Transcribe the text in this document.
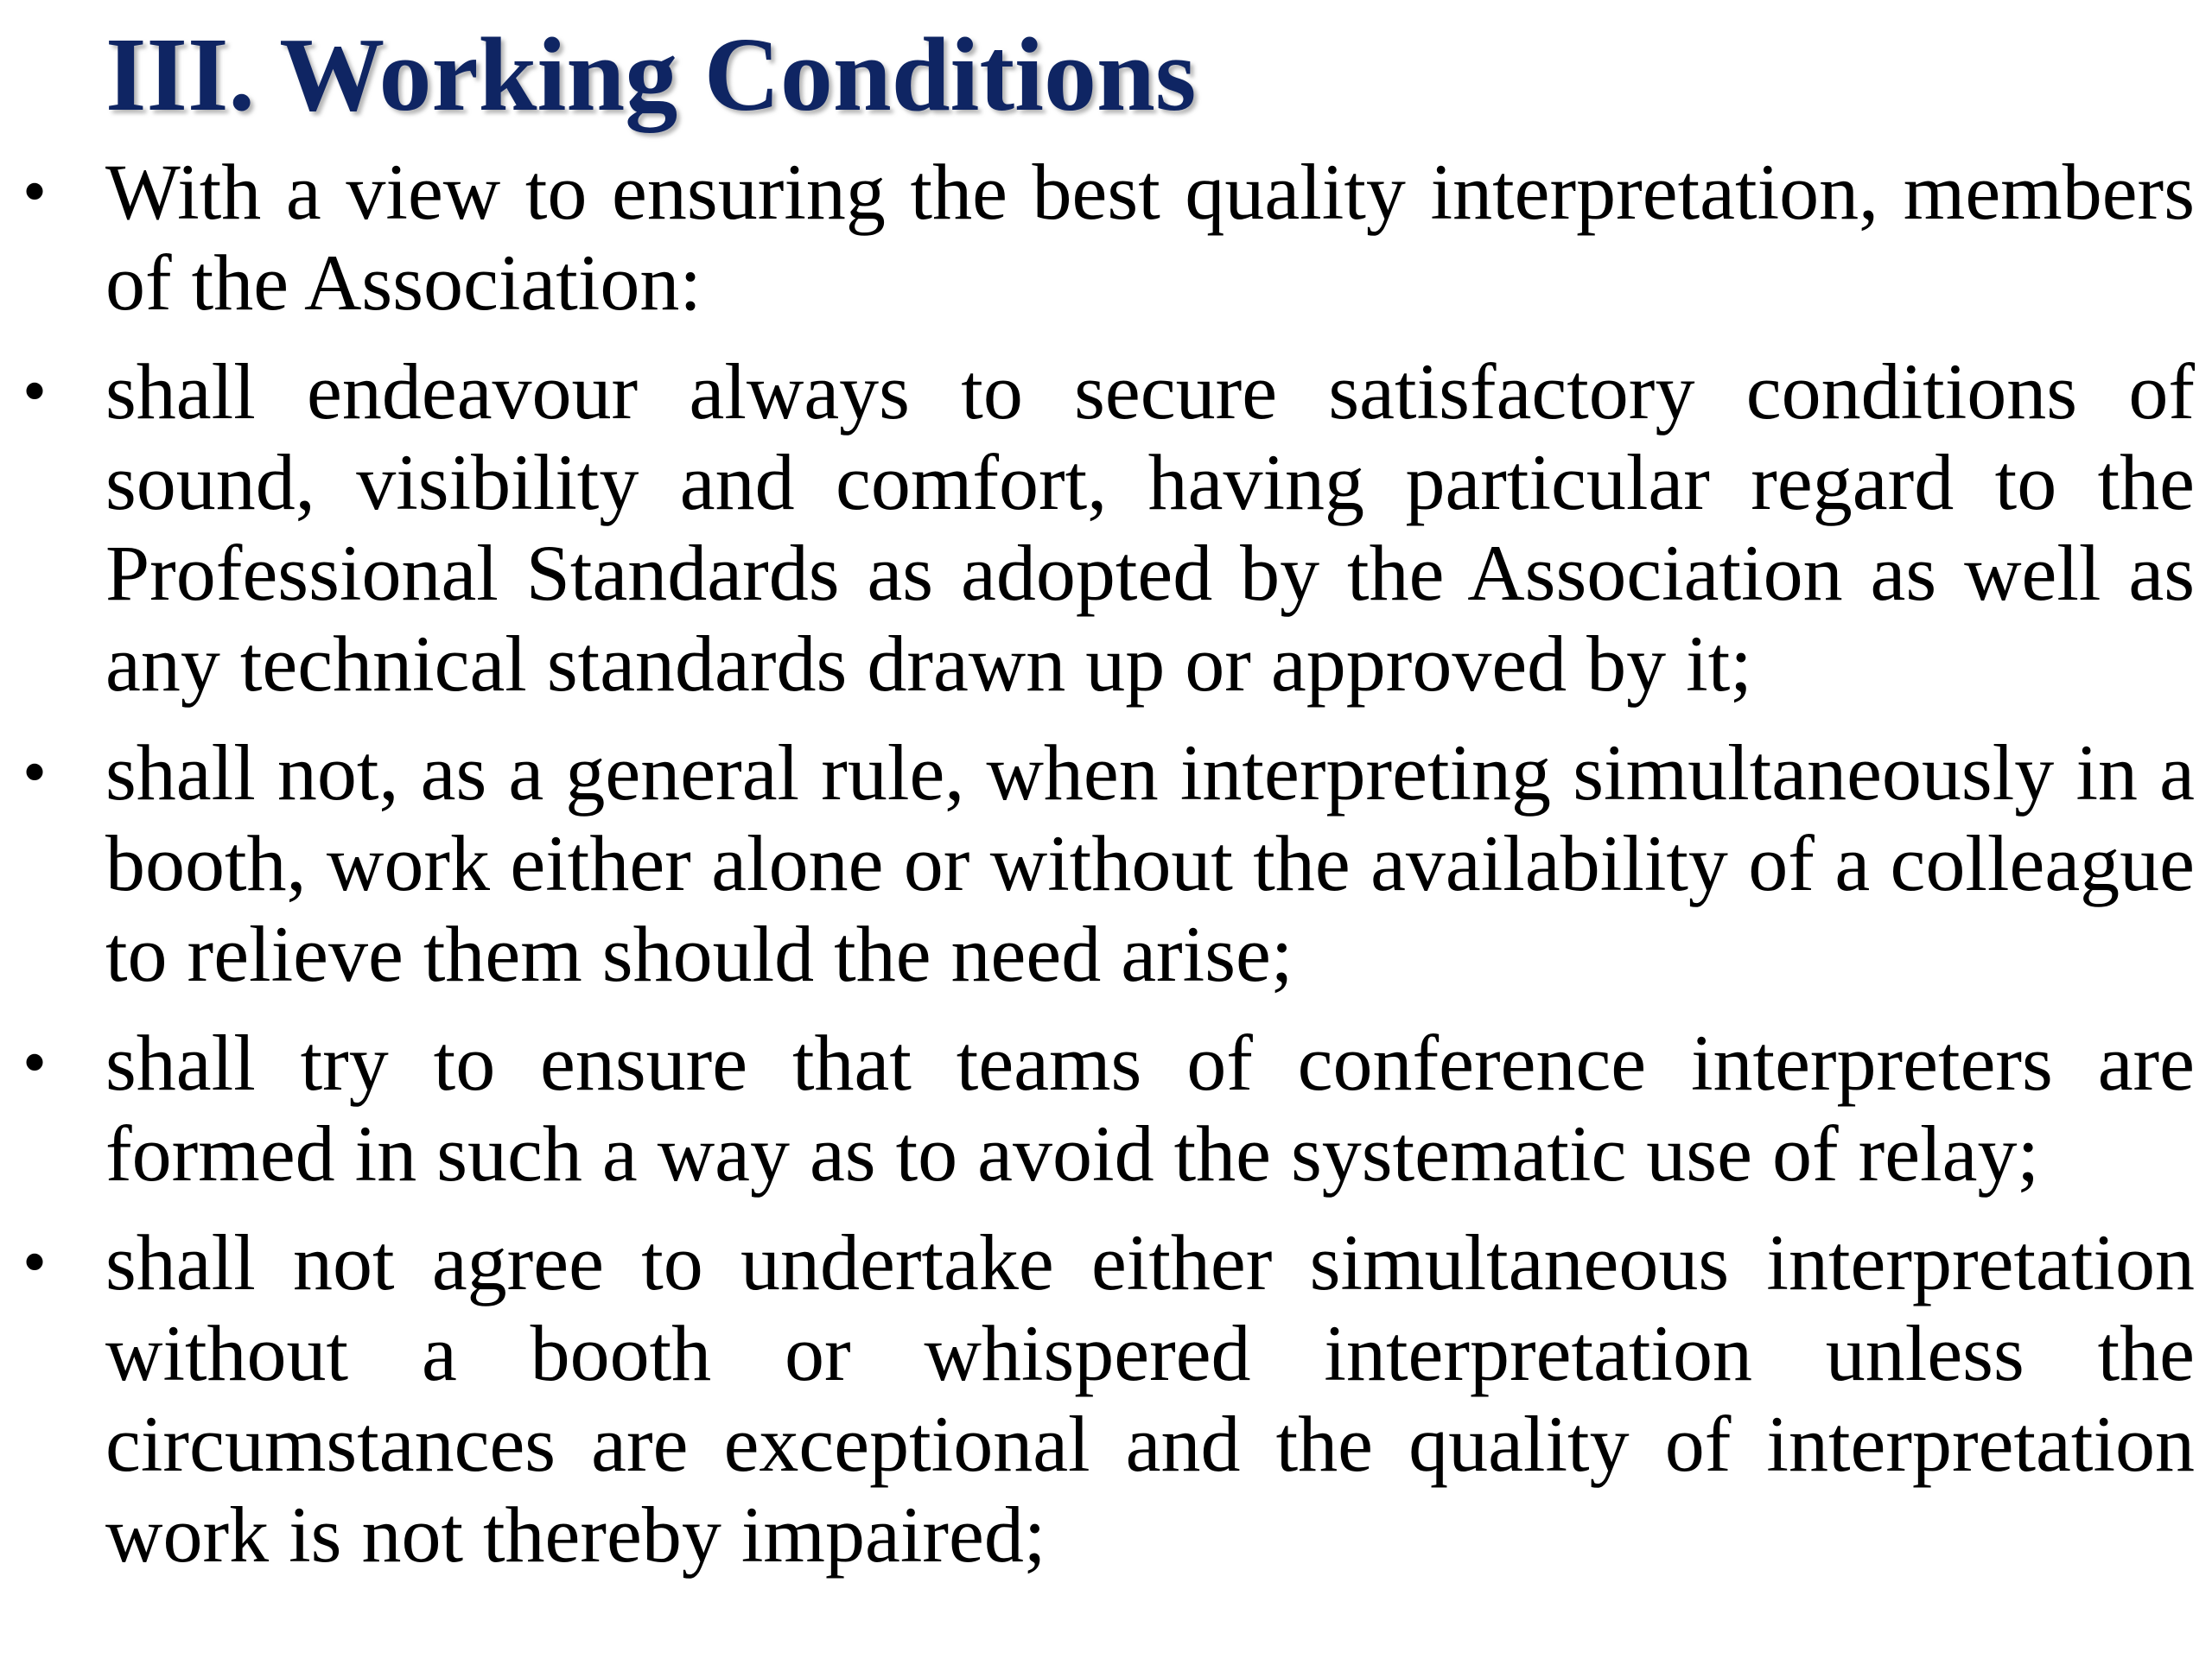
III. Working Conditions
• With a view to ensuring the best quality interpretation, members of the Association:
• shall endeavour always to secure satisfactory conditions of sound, visibility and comfort, having particular regard to the Professional Standards as adopted by the Association as well as any technical standards drawn up or approved by it;
• shall not, as a general rule, when interpreting simultaneously in a booth, work either alone or without the availability of a colleague to relieve them should the need arise;
• shall try to ensure that teams of conference interpreters are formed in such a way as to avoid the systematic use of relay;
• shall not agree to undertake either simultaneous interpretation without a booth or whispered interpretation unless the circumstances are exceptional and the quality of interpretation work is not thereby impaired;
